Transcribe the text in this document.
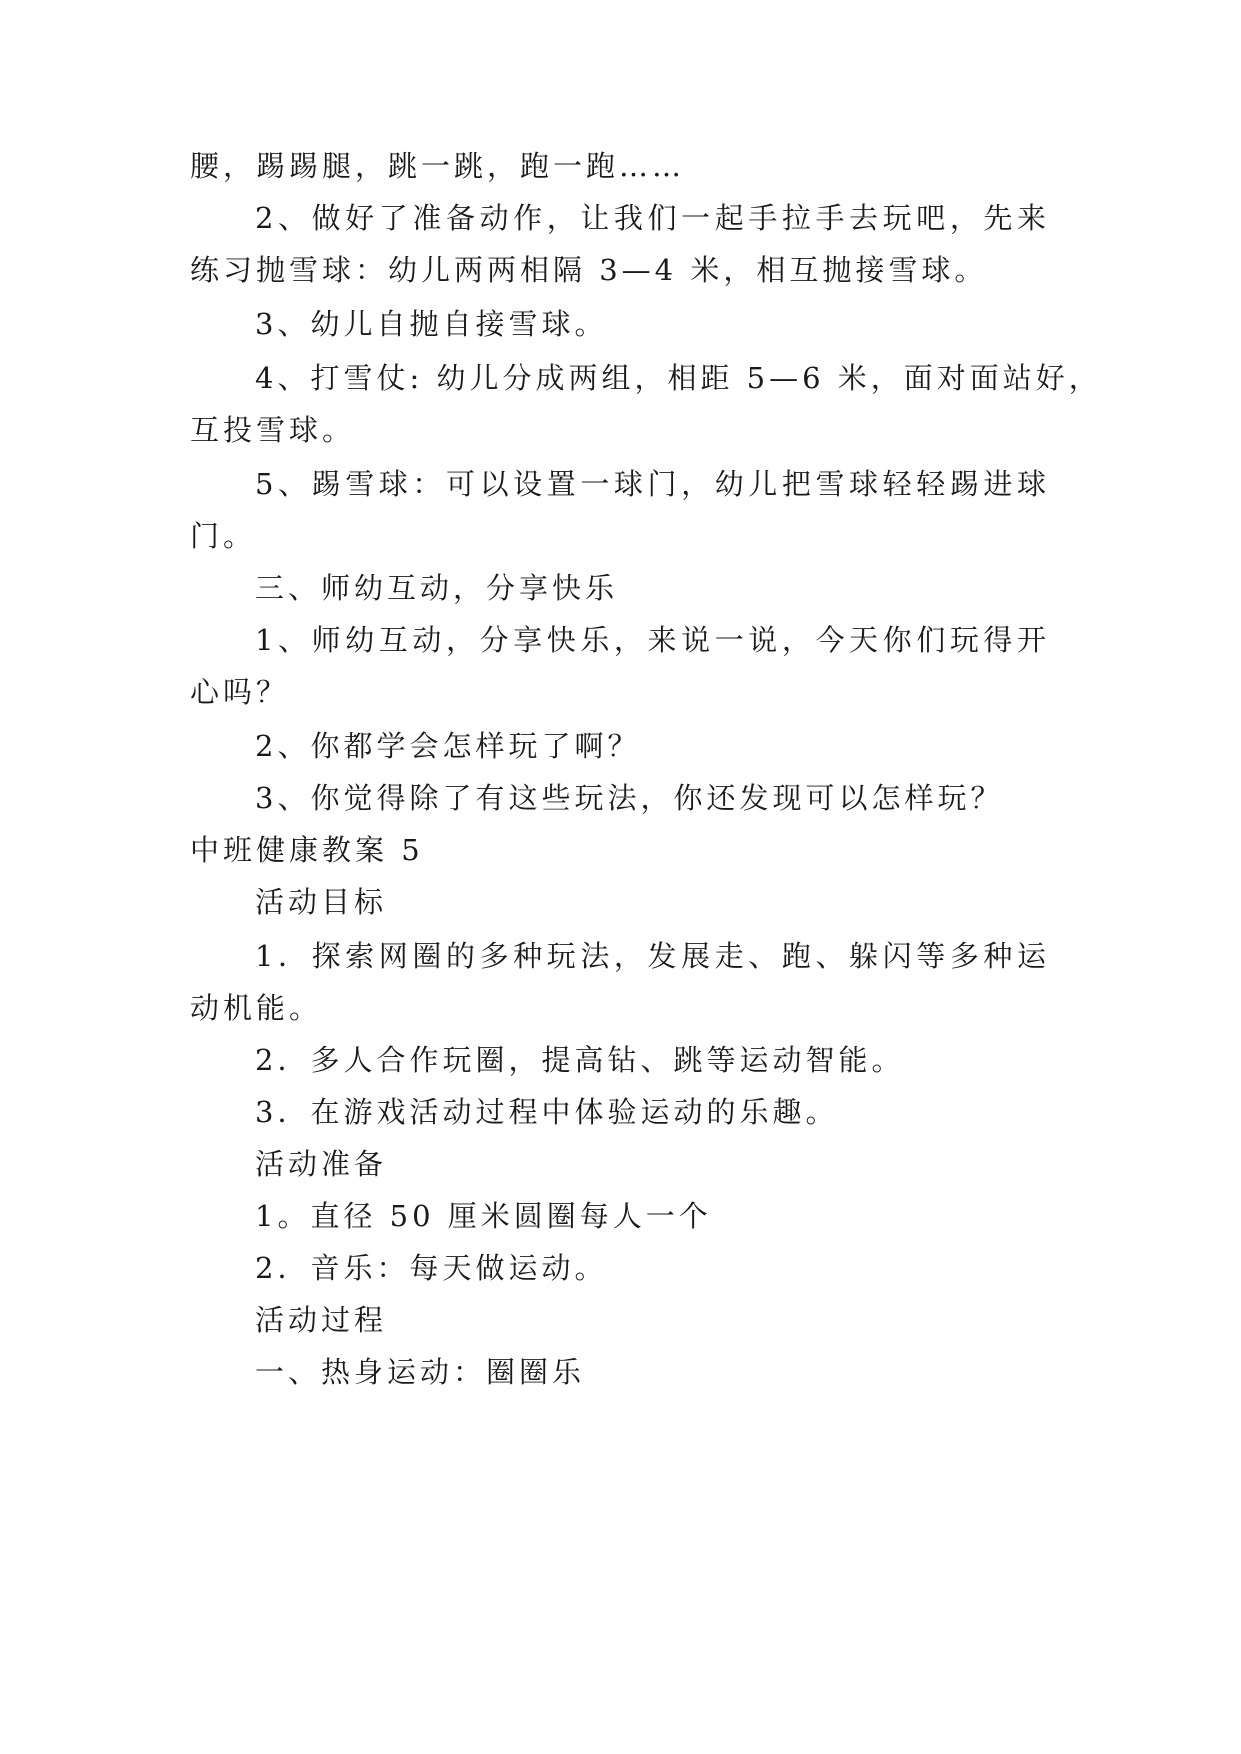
腰，踢踢腿，跳一跳，跑一跑……
2、做好了准备动作，让我们一起手拉手去玩吧，先来
练习抛雪球：幼儿两两相隔 3—4 米，相互抛接雪球。
3、幼儿自抛自接雪球。
4、打雪仗: 幼儿分成两组，相距 5—6 米，面对面站好，
互投雪球。
5、踢雪球：可以设置一球门，幼儿把雪球轻轻踢进球
门。
三、师幼互动，分享快乐
1、师幼互动，分享快乐，来说一说，今天你们玩得开
心吗？
2、你都学会怎样玩了啊？
3、你觉得除了有这些玩法，你还发现可以怎样玩？
中班健康教案 5
活动目标
1．探索网圈的多种玩法，发展走、跑、躲闪等多种运
动机能。
2．多人合作玩圈，提高钻、跳等运动智能。
3．在游戏活动过程中体验运动的乐趣。
活动准备
1。直径 50 厘米圆圈每人一个
2．音乐：每天做运动。
活动过程
一、热身运动：圈圈乐
